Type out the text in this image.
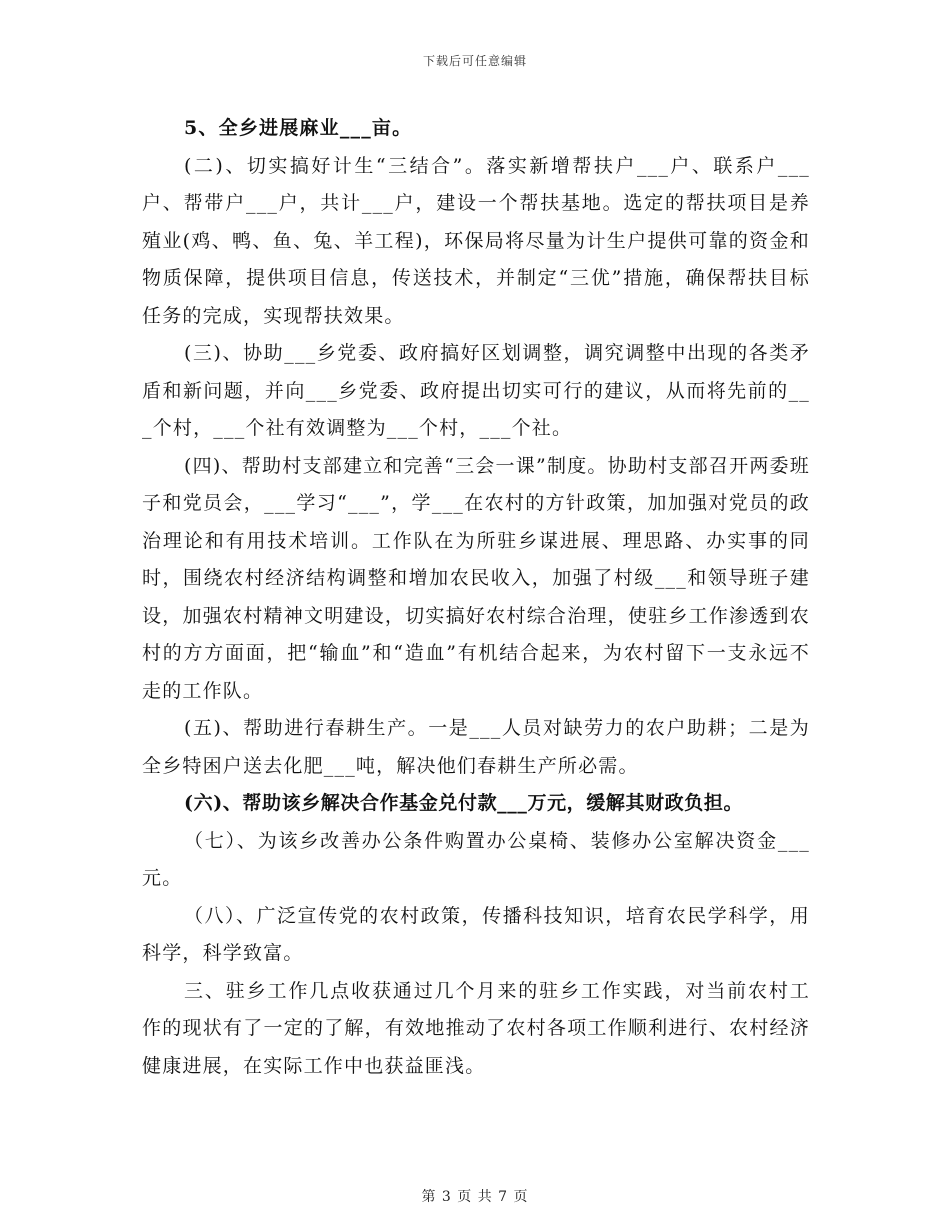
下载后可任意编辑

5、全乡进展麻业___亩。

(二)、切实搞好计生“三结合”。落实新增帮扶户___户、联系户___户、帮带户___户，共计___户，建设一个帮扶基地。选定的帮扶项目是养殖业(鸡、鸭、鱼、兔、羊工程)，环保局将尽量为计生户提供可靠的资金和物质保障，提供项目信息，传送技术，并制定“三优”措施，确保帮扶目标任务的完成，实现帮扶效果。

(三)、协助___乡党委、政府搞好区划调整，调究调整中出现的各类矛盾和新问题，并向___乡党委、政府提出切实可行的建议，从而将先前的___个村，___个社有效调整为___个村，___个社。

(四)、帮助村支部建立和完善“三会一课”制度。协助村支部召开两委班子和党员会，___学习“___”，学___在农村的方针政策，加加强对党员的政治理论和有用技术培训。工作队在为所驻乡谋进展、理思路、办实事的同时，围绕农村经济结构调整和增加农民收入，加强了村级___和领导班子建设，加强农村精神文明建设，切实搞好农村综合治理，使驻乡工作渗透到农村的方方面面，把“输血”和“造血”有机结合起来，为农村留下一支永远不走的工作队。

(五)、帮助进行春耕生产。一是___人员对缺劳力的农户助耕；二是为全乡特困户送去化肥___吨，解决他们春耕生产所必需。

(六)、帮助该乡解决合作基金兑付款___万元，缓解其财政负担。

（七）、为该乡改善办公条件购置办公桌椅、装修办公室解决资金___元。

（八）、广泛宣传党的农村政策，传播科技知识，培育农民学科学，用科学，科学致富。

三、驻乡工作几点收获通过几个月来的驻乡工作实践，对当前农村工作的现状有了一定的了解，有效地推动了农村各项工作顺利进行、农村经济健康进展，在实际工作中也获益匪浅。

第 3 页 共 7 页
